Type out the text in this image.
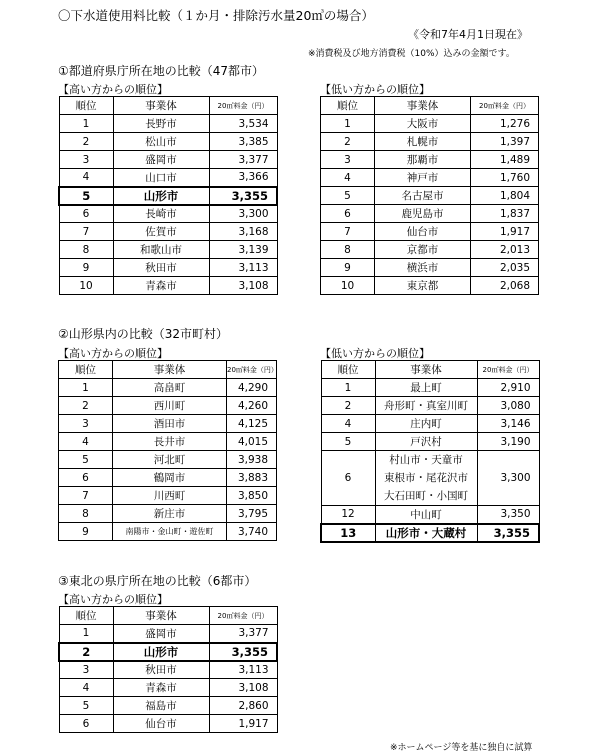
〇下水道使用料比較（１か月・排除汚水量20㎥の場合）
《令和7年4月1日現在》
※消費税及び地方消費税（10%）込みの金額です。
①都道府県庁所在地の比較（47都市）
【高い方からの順位】	【低い方からの順位】
順位	事業体	20㎥料金（円）
1	長野市	3,534
2	松山市	3,385
3	盛岡市	3,377
4	山口市	3,366
5	山形市	3,355
6	長崎市	3,300
7	佐賀市	3,168
8	和歌山市	3,139
9	秋田市	3,113
10	青森市	3,108
順位	事業体	20㎥料金（円）
1	大阪市	1,276
2	札幌市	1,397
3	那覇市	1,489
4	神戸市	1,760
5	名古屋市	1,804
6	鹿児島市	1,837
7	仙台市	1,917
8	京都市	2,013
9	横浜市	2,035
10	東京都	2,068
②山形県内の比較（32市町村）
【高い方からの順位】	【低い方からの順位】
順位	事業体	20㎥料金（円）
1	高畠町	4,290
2	西川町	4,260
3	酒田市	4,125
4	長井市	4,015
5	河北町	3,938
6	鶴岡市	3,883
7	川西町	3,850
8	新庄市	3,795
9	南陽市・金山町・遊佐町	3,740
順位	事業体	20㎥料金（円）
1	最上町	2,910
2	舟形町・真室川町	3,080
4	庄内町	3,146
5	戸沢村	3,190
6	村山市・天童市
東根市・尾花沢市
大石田町・小国町	3,300
12	中山町	3,350
13	山形市・大蔵村	3,355
③東北の県庁所在地の比較（6都市）
【高い方からの順位】
順位	事業体	20㎥料金（円）
1	盛岡市	3,377
2	山形市	3,355
3	秋田市	3,113
4	青森市	3,108
5	福島市	2,860
6	仙台市	1,917
※ホームページ等を基に独自に試算
